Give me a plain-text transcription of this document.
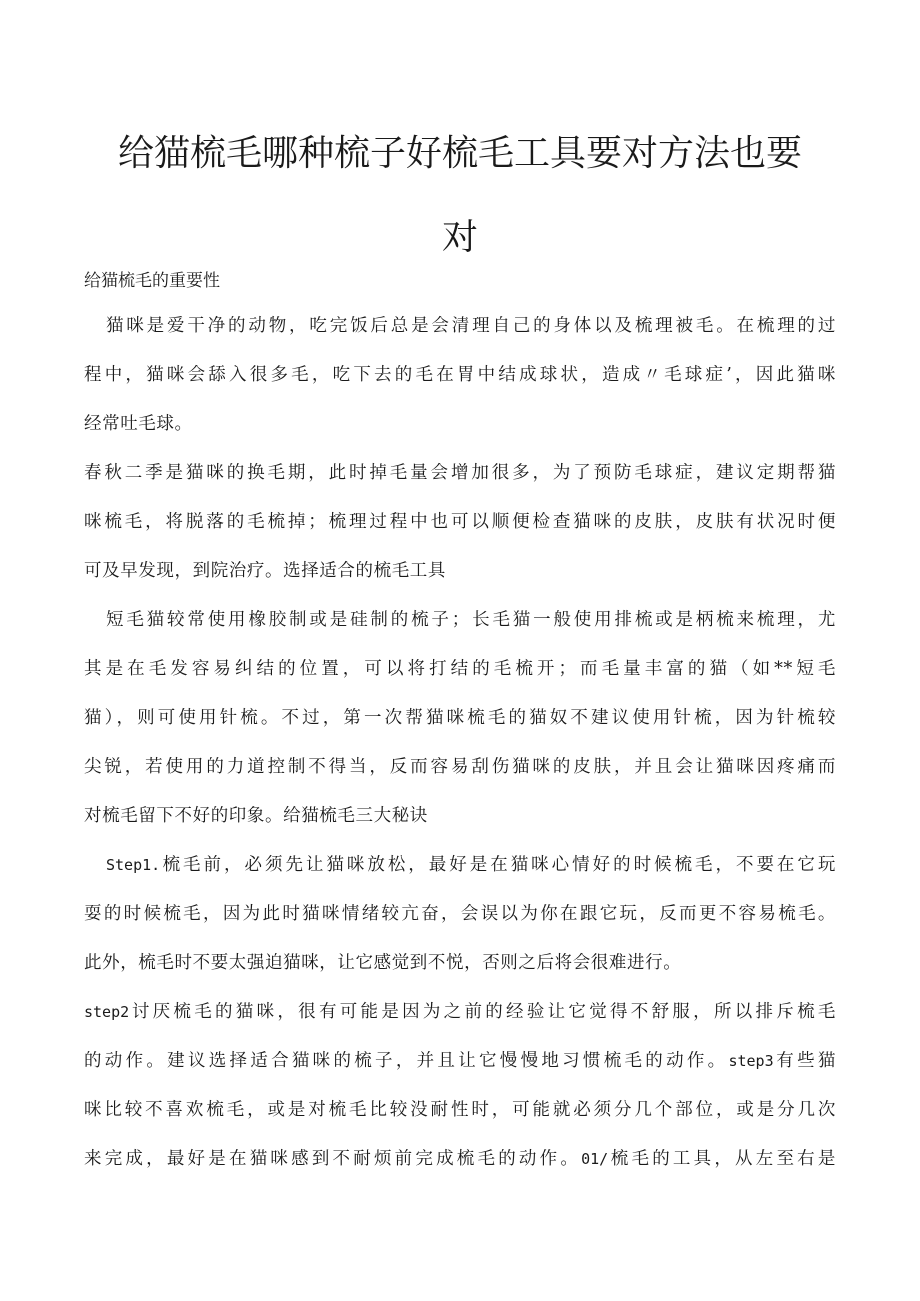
给猫梳毛哪种梳子好梳毛工具要对方法也要
对
给猫梳毛的重要性

猫咪是爱干净的动物，吃完饭后总是会清理自己的身体以及梳理被毛。在梳理的过
程中，猫咪会舔入很多毛，吃下去的毛在胃中结成球状，造成〃毛球症’，因此猫咪
经常吐毛球。

春秋二季是猫咪的换毛期，此时掉毛量会增加很多，为了预防毛球症，建议定期帮猫
咪梳毛，将脱落的毛梳掉；梳理过程中也可以顺便检查猫咪的皮肤，皮肤有状况时便
可及早发现，到院治疗。选择适合的梳毛工具

短毛猫较常使用橡胶制或是硅制的梳子；长毛猫一般使用排梳或是柄梳来梳理，尤
其是在毛发容易纠结的位置，可以将打结的毛梳开；而毛量丰富的猫（如**短毛
猫），则可使用针梳。不过，第一次帮猫咪梳毛的猫奴不建议使用针梳，因为针梳较
尖锐，若使用的力道控制不得当，反而容易刮伤猫咪的皮肤，并且会让猫咪因疼痛而
对梳毛留下不好的印象。给猫梳毛三大秘诀

Step1.梳毛前，必须先让猫咪放松，最好是在猫咪心情好的时候梳毛，不要在它玩
耍的时候梳毛，因为此时猫咪情绪较亢奋，会误以为你在跟它玩，反而更不容易梳毛。
此外，梳毛时不要太强迫猫咪，让它感觉到不悦，否则之后将会很难进行。

step2讨厌梳毛的猫咪，很有可能是因为之前的经验让它觉得不舒服，所以排斥梳毛
的动作。建议选择适合猫咪的梳子，并且让它慢慢地习惯梳毛的动作。step3有些猫
咪比较不喜欢梳毛，或是对梳毛比较没耐性时，可能就必须分几个部位，或是分几次
来完成，最好是在猫咪感到不耐烦前完成梳毛的动作。01/梳毛的工具，从左至右是
